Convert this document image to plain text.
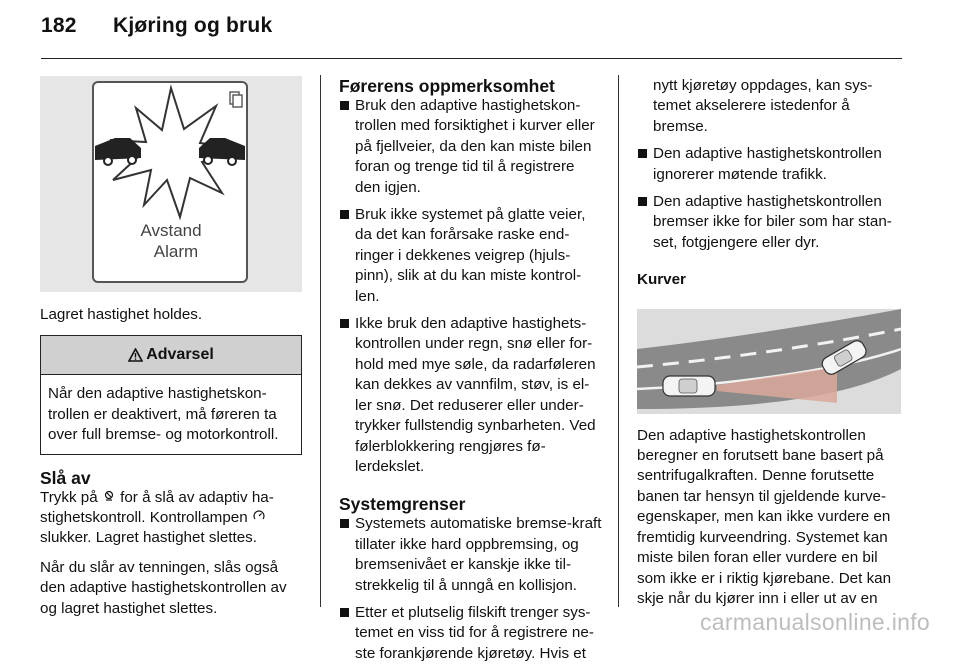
182 Kjøring og bruk
Avstand
Alarm

Lagret hastighet holdes.

Advarsel
Når den adaptive hastighetskon-trollen er deaktivert, må føreren ta over full bremse- og motorkontroll.

Slå av

Trykk på for å slå av adaptiv ha-stighetskontroll. Kontrollampen  slukker. Lagret hastighet slettes.

Når du slår av tenningen, slås også den adaptive hastighetskontrollen av og lagret hastighet slettes.

Førerens oppmerksomhet

Bruk den adaptive hastighetskon-trollen med forsiktighet i kurver eller på fjellveier, da den kan miste bilen foran og trenge tid til å registrere den igjen.

Bruk ikke systemet på glatte veier, da det kan forårsake raske end-ringer i dekkenes veigrep (hjuls-pinn), slik at du kan miste kontrol-len.

Ikke bruk den adaptive hastighets-kontrollen under regn, snø eller for-hold med mye søle, da radarføleren kan dekkes av vannfilm, støv, is el-ler snø. Det reduserer eller under-trykker fullstendig synbarheten. Ved følerblokkering rengjøres fø-lerdekslet.

Systemgrenser

Systemets automatiske bremse-kraft tillater ikke hard oppbremsing, og bremsenivået er kanskje ikke til-strekkelig til å unngå en kollisjon.

Etter et plutselig filskift trenger sys-temet en viss tid for å registrere ne-ste forankjørende kjøretøy. Hvis et

nytt kjøretøy oppdages, kan sys-temet akselerere istedenfor å bremse.

Den adaptive hastighetskontrollen ignorerer møtende trafikk.

Den adaptive hastighetskontrollen bremser ikke for biler som har stan-set, fotgjengere eller dyr.

Kurver

Den adaptive hastighetskontrollen beregner en forutsett bane basert på sentrifugalkraften. Denne forutsette banen tar hensyn til gjeldende kurve-egenskaper, men kan ikke vurdere en fremtidig kurveendring. Systemet kan miste bilen foran eller vurdere en bil som ikke er i riktig kjørebane. Det kan skje når du kjører inn i eller ut av en

carmanualsonline.info
